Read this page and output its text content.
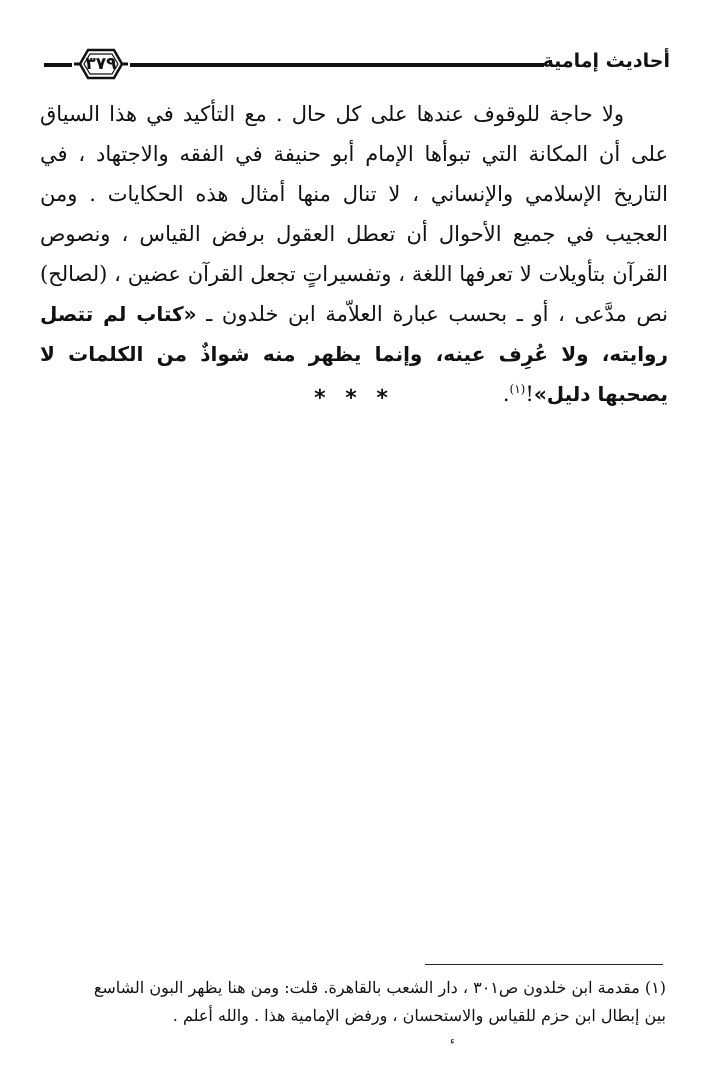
٣٧٩	أحاديث إمامية

ولا حاجة للوقوف عندها على كل حال . مع التأكيد في هذا السياق على أن المكانة التي تبوأها الإمام أبو حنيفة في الفقه والاجتهاد ، في التاريخ الإسلامي والإنساني ، لا تنال منها أمثال هذه الحكايات . ومن العجيب في جميع الأحوال أن تعطل العقول برفض القياس ، ونصوص القرآن بتأويلات لا تعرفها اللغة ، وتفسيراتٍ تجعل القرآن عضين ، (لصالح) نص مدَّعى ، أو ـ بحسب عبارة العلاّمة ابن خلدون ـ «كتاب لم تتصل روايته، ولا عُرِف عينه، وإنما يظهر منه شواذٌ من الكلمات لا يصحبها دليل»!$^{(١)}$.

* * *

(١) مقدمة ابن خلدون ص٣٠١ ، دار الشعب بالقاهرة. قلت: ومن هنا يظهر البون الشاسع

بين إبطال ابن حزم للقياس والاستحسان ، ورفض الإمامية هذا . والله أعلم .

ء
